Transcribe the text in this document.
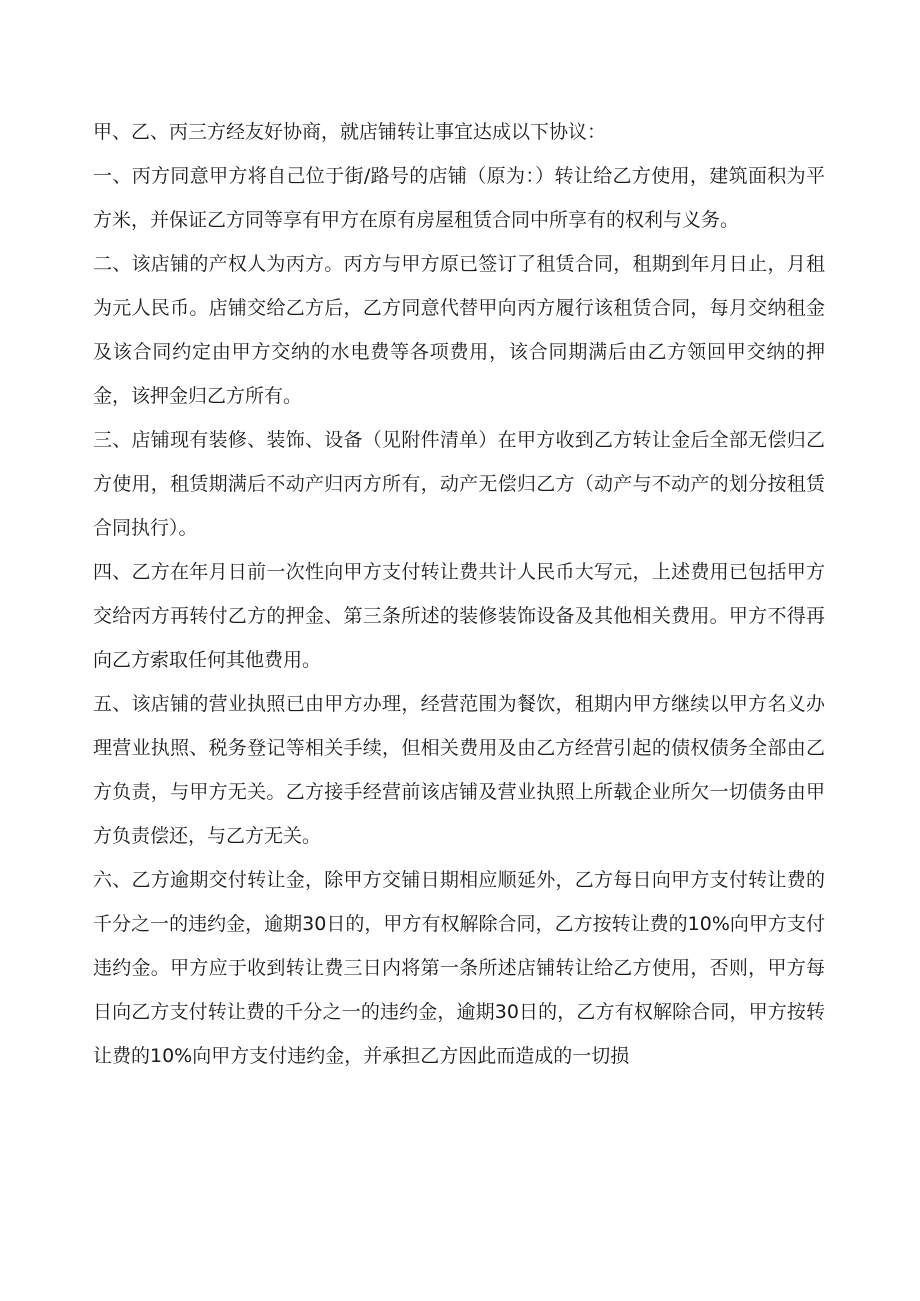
甲、乙、丙三方经友好协商，就店铺转让事宜达成以下协议：

一、丙方同意甲方将自己位于街/路号的店铺（原为：）转让给乙方使用，建筑面积为平方米，并保证乙方同等享有甲方在原有房屋租赁合同中所享有的权利与义务。

二、该店铺的产权人为丙方。丙方与甲方原已签订了租赁合同，租期到年月日止，月租为元人民币。店铺交给乙方后，乙方同意代替甲向丙方履行该租赁合同，每月交纳租金及该合同约定由甲方交纳的水电费等各项费用，该合同期满后由乙方领回甲交纳的押金，该押金归乙方所有。

三、店铺现有装修、装饰、设备（见附件清单）在甲方收到乙方转让金后全部无偿归乙方使用，租赁期满后不动产归丙方所有，动产无偿归乙方（动产与不动产的划分按租赁合同执行）。

四、乙方在年月日前一次性向甲方支付转让费共计人民币大写元，上述费用已包括甲方交给丙方再转付乙方的押金、第三条所述的装修装饰设备及其他相关费用。甲方不得再向乙方索取任何其他费用。

五、该店铺的营业执照已由甲方办理，经营范围为餐饮，租期内甲方继续以甲方名义办理营业执照、税务登记等相关手续，但相关费用及由乙方经营引起的债权债务全部由乙方负责，与甲方无关。乙方接手经营前该店铺及营业执照上所载企业所欠一切债务由甲方负责偿还，与乙方无关。

六、乙方逾期交付转让金，除甲方交铺日期相应顺延外，乙方每日向甲方支付转让费的千分之一的违约金，逾期30日的，甲方有权解除合同，乙方按转让费的10%向甲方支付违约金。甲方应于收到转让费三日内将第一条所述店铺转让给乙方使用，否则，甲方每日向乙方支付转让费的千分之一的违约金，逾期30日的，乙方有权解除合同，甲方按转让费的10%向甲方支付违约金，并承担乙方因此而造成的一切损
